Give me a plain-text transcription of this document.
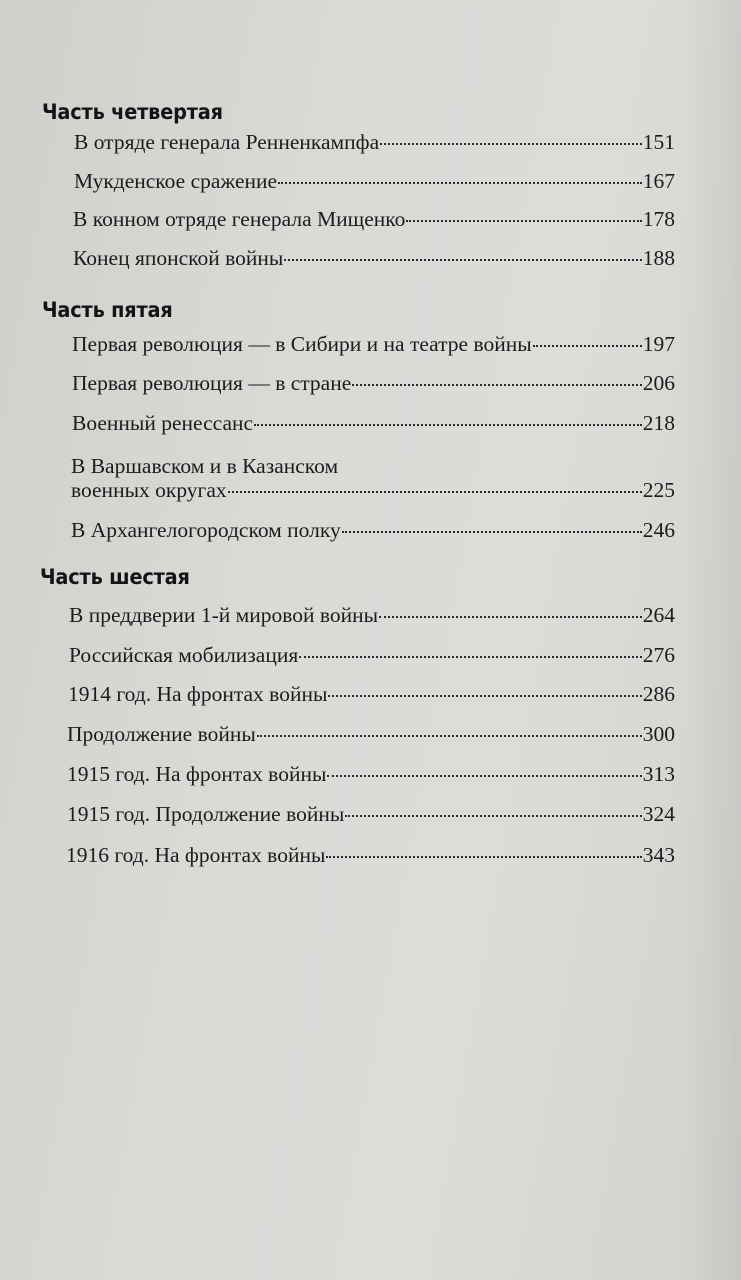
Часть четвертая
В отряде генерала Ренненкампфа	151
Мукденское сражение	167
В конном отряде генерала Мищенко	178
Конец японской войны	188
Часть пятая
Первая революция — в Сибири и на театре войны	197
Первая революция — в стране	206
Военный ренессанс	218
В Варшавском и в Казанском
военных округах	225
В Архангелогородском полку	246
Часть шестая
В преддверии 1-й мировой войны	264
Российская мобилизация	276
1914 год. На фронтах войны	286
Продолжение войны	300
1915 год. На фронтах войны	313
1915 год. Продолжение войны	324
1916 год. На фронтах войны	343
